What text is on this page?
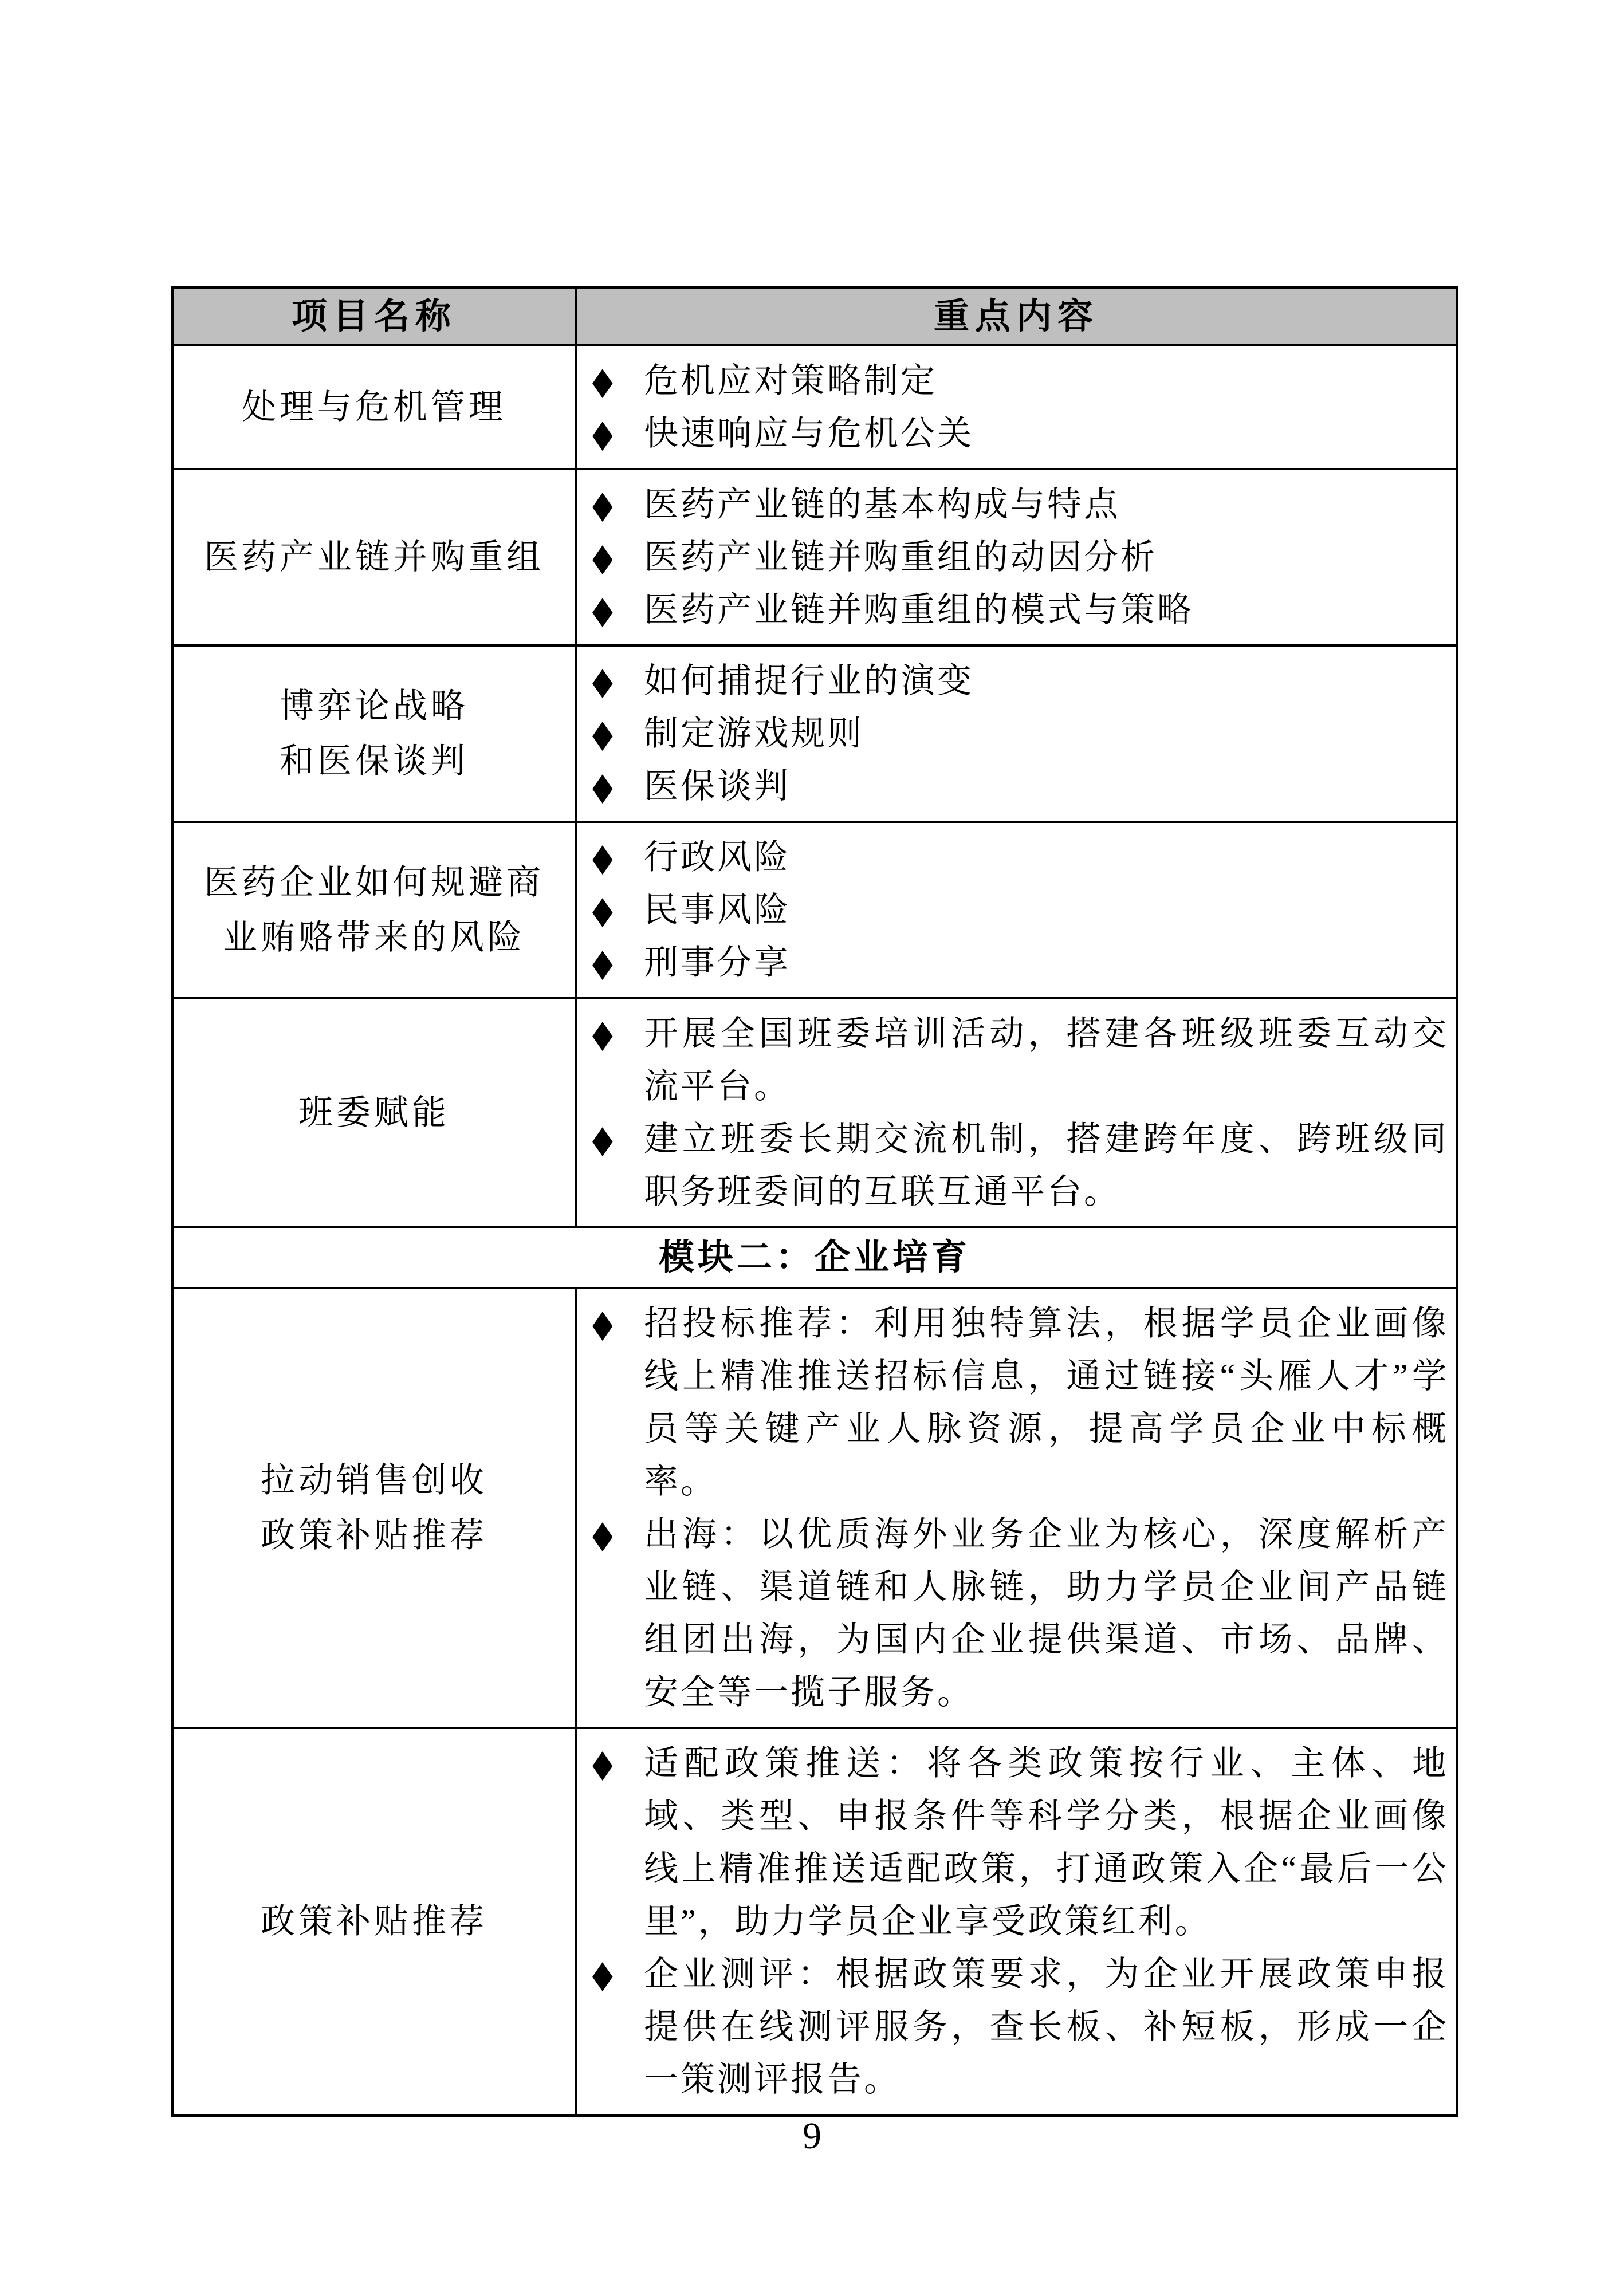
项目名称	重点内容
处理与危机管理
◆ 危机应对策略制定
◆ 快速响应与危机公关
医药产业链并购重组
◆ 医药产业链的基本构成与特点
◆ 医药产业链并购重组的动因分析
◆ 医药产业链并购重组的模式与策略
博弈论战略
和医保谈判
◆ 如何捕捉行业的演变
◆ 制定游戏规则
◆ 医保谈判
医药企业如何规避商
业贿赂带来的风险
◆ 行政风险
◆ 民事风险
◆ 刑事分享
班委赋能
◆ 开展全国班委培训活动，搭建各班级班委互动交流平台。
◆ 建立班委长期交流机制，搭建跨年度、跨班级同职务班委间的互联互通平台。
模块二：企业培育
拉动销售创收
政策补贴推荐
◆ 招投标推荐：利用独特算法，根据学员企业画像线上精准推送招标信息，通过链接“头雁人才”学员等关键产业人脉资源，提高学员企业中标概率。
◆ 出海：以优质海外业务企业为核心，深度解析产业链、渠道链和人脉链，助力学员企业间产品链组团出海，为国内企业提供渠道、市场、品牌、安全等一揽子服务。
政策补贴推荐
◆ 适配政策推送：将各类政策按行业、主体、地域、类型、申报条件等科学分类，根据企业画像线上精准推送适配政策，打通政策入企“最后一公里”，助力学员企业享受政策红利。
◆ 企业测评：根据政策要求，为企业开展政策申报提供在线测评服务，查长板、补短板，形成一企一策测评报告。
9
